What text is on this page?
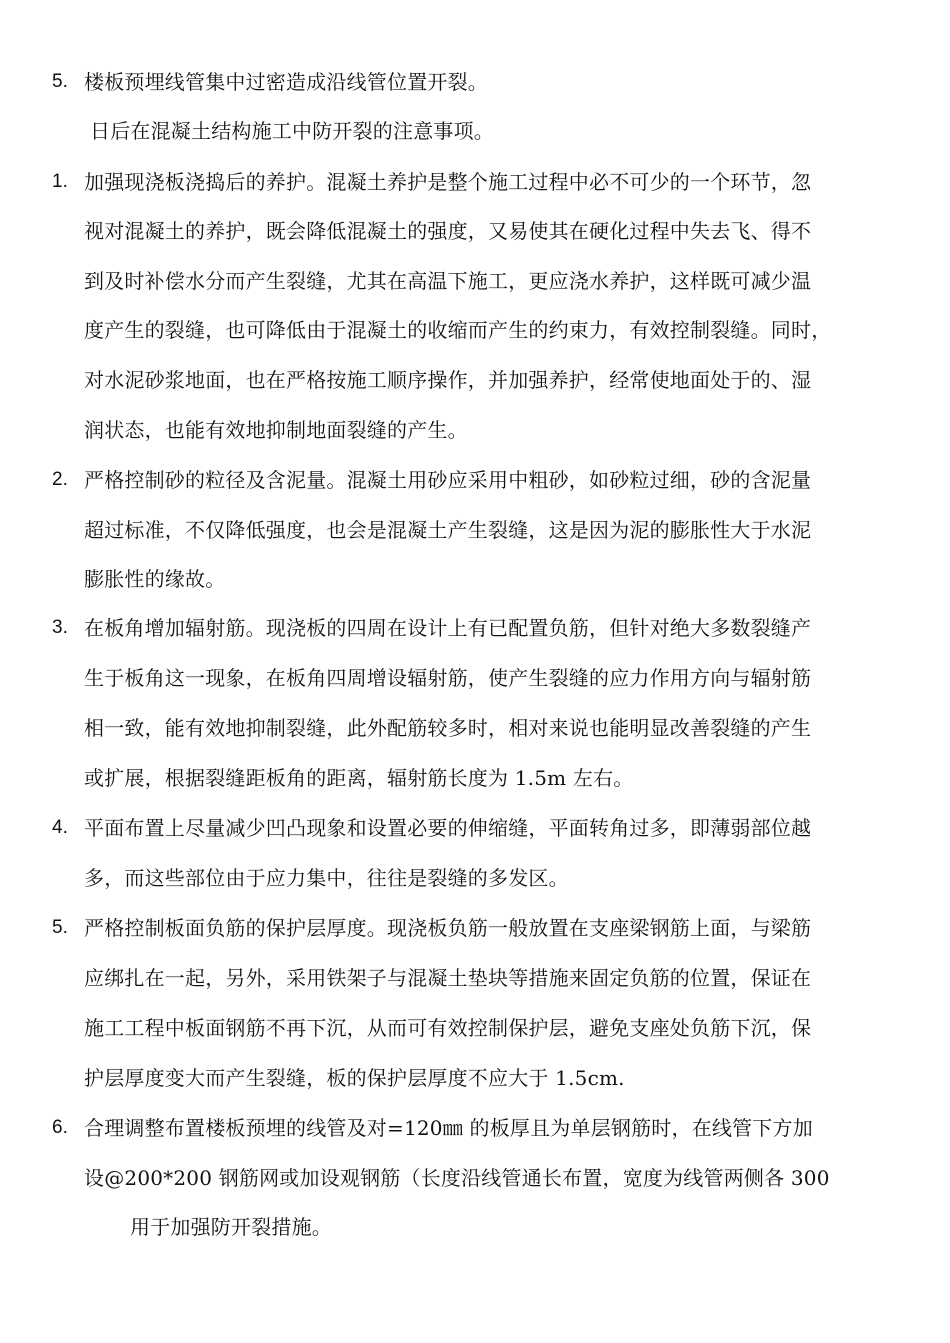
5. 楼板预埋线管集中过密造成沿线管位置开裂。
日后在混凝土结构施工中防开裂的注意事项。
1. 加强现浇板浇捣后的养护。混凝土养护是整个施工过程中必不可少的一个环节，忽
视对混凝土的养护，既会降低混凝土的强度，又易使其在硬化过程中失去飞、得不
到及时补偿水分而产生裂缝，尤其在高温下施工，更应浇水养护，这样既可减少温
度产生的裂缝，也可降低由于混凝土的收缩而产生的约束力，有效控制裂缝。同时，
对水泥砂浆地面，也在严格按施工顺序操作，并加强养护，经常使地面处于的、湿
润状态，也能有效地抑制地面裂缝的产生。
2. 严格控制砂的粒径及含泥量。混凝土用砂应采用中粗砂，如砂粒过细，砂的含泥量
超过标准，不仅降低强度，也会是混凝土产生裂缝，这是因为泥的膨胀性大于水泥
膨胀性的缘故。
3. 在板角增加辐射筋。现浇板的四周在设计上有已配置负筋，但针对绝大多数裂缝产
生于板角这一现象，在板角四周增设辐射筋，使产生裂缝的应力作用方向与辐射筋
相一致，能有效地抑制裂缝，此外配筋较多时，相对来说也能明显改善裂缝的产生
或扩展，根据裂缝距板角的距离，辐射筋长度为 1.5m 左右。
4. 平面布置上尽量减少凹凸现象和设置必要的伸缩缝，平面转角过多，即薄弱部位越
多，而这些部位由于应力集中，往往是裂缝的多发区。
5. 严格控制板面负筋的保护层厚度。现浇板负筋一般放置在支座梁钢筋上面，与梁筋
应绑扎在一起，另外，采用铁架子与混凝土垫块等措施来固定负筋的位置，保证在
施工工程中板面钢筋不再下沉，从而可有效控制保护层，避免支座处负筋下沉，保
护层厚度变大而产生裂缝，板的保护层厚度不应大于 1.5cm.
6. 合理调整布置楼板预埋的线管及对=120㎜ 的板厚且为单层钢筋时，在线管下方加
设@200*200 钢筋网或加设观钢筋（长度沿线管通长布置，宽度为线管两侧各 300
用于加强防开裂措施。
